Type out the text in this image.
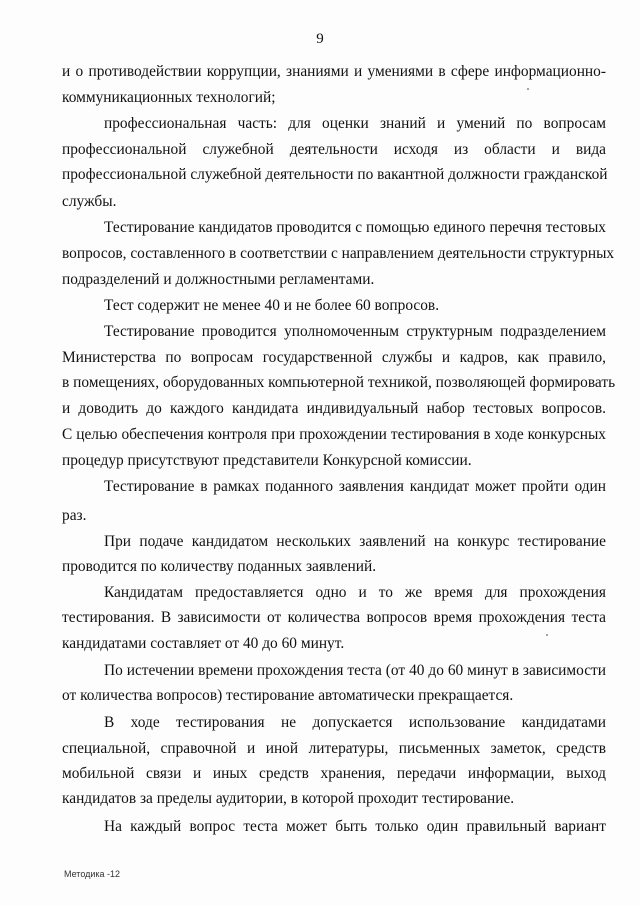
9
и о противодействии коррупции, знаниями и умениями в сфере информационно-
коммуникационных технологий;
профессиональная часть: для оценки знаний и умений по вопросам
профессиональной служебной деятельности исходя из области и вида
профессиональной служебной деятельности по вакантной должности гражданской
службы.
Тестирование кандидатов проводится с помощью единого перечня тестовых
вопросов, составленного в соответствии с направлением деятельности структурных
подразделений и должностными регламентами.
Тест содержит не менее 40 и не более 60 вопросов.
Тестирование проводится уполномоченным структурным подразделением
Министерства по вопросам государственной службы и кадров, как правило,
в помещениях, оборудованных компьютерной техникой, позволяющей формировать
и доводить до каждого кандидата индивидуальный набор тестовых вопросов.
С целью обеспечения контроля при прохождении тестирования в ходе конкурсных
процедур присутствуют представители Конкурсной комиссии.
Тестирование в рамках поданного заявления кандидат может пройти один
раз.
При подаче кандидатом нескольких заявлений на конкурс тестирование
проводится по количеству поданных заявлений.
Кандидатам предоставляется одно и то же время для прохождения
тестирования. В зависимости от количества вопросов время прохождения теста
кандидатами составляет от 40 до 60 минут.
По истечении времени прохождения теста (от 40 до 60 минут в зависимости
от количества вопросов) тестирование автоматически прекращается.
В ходе тестирования не допускается использование кандидатами
специальной, справочной и иной литературы, письменных заметок, средств
мобильной связи и иных средств хранения, передачи информации, выход
кандидатов за пределы аудитории, в которой проходит тестирование.
На каждый вопрос теста может быть только один правильный вариант
Методика -12
